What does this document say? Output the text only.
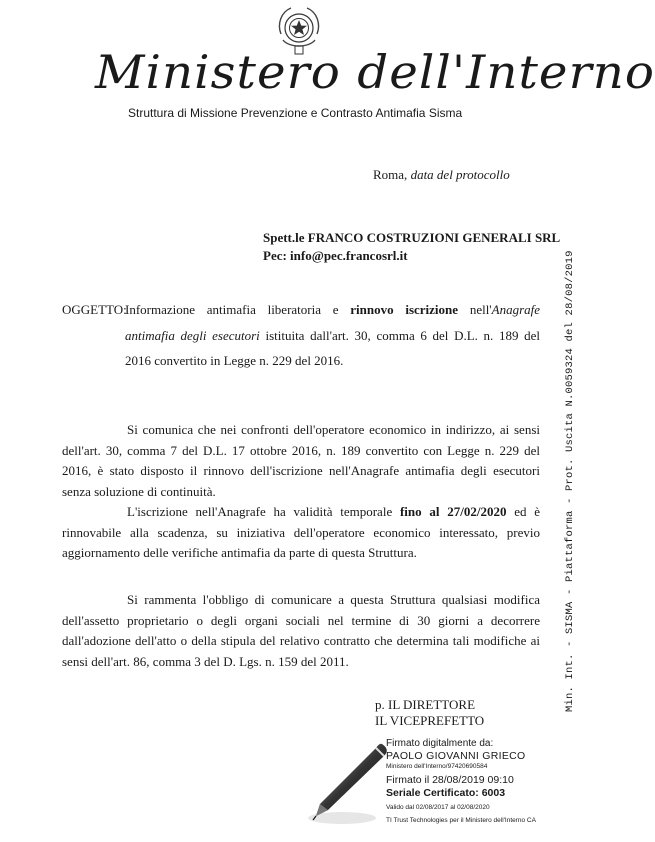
Ministero dell'Interno
Struttura di Missione Prevenzione e Contrasto Antimafia Sisma
Roma, data del protocollo
Spett.le FRANCO COSTRUZIONI GENERALI SRL
Pec: info@pec.francosrl.it
OGGETTO:
Informazione antimafia liberatoria e rinnovo iscrizione nell'Anagrafe antimafia degli esecutori istituita dall'art. 30, comma 6 del D.L. n. 189 del 2016 convertito in Legge n. 229 del 2016.

Si comunica che nei confronti dell'operatore economico in indirizzo, ai sensi dell'art. 30, comma 7 del D.L. 17 ottobre 2016, n. 189 convertito con Legge n. 229 del 2016, è stato disposto il rinnovo dell'iscrizione nell'Anagrafe antimafia degli esecutori senza soluzione di continuità.

L'iscrizione nell'Anagrafe ha validità temporale fino al 27/02/2020 ed è rinnovabile alla scadenza, su iniziativa dell'operatore economico interessato, previo aggiornamento delle verifiche antimafia da parte di questa Struttura.

Si rammenta l'obbligo di comunicare a questa Struttura qualsiasi modifica dell'assetto proprietario o degli organi sociali nel termine di 30 giorni a decorrere dall'adozione dell'atto o della stipula del relativo contratto che determina tali modifiche ai sensi dell'art. 86, comma 3 del D. Lgs. n. 159 del 2011.

p. IL DIRETTORE
IL VICEPREFETTO
Firmato digitalmente da:
PAOLO GIOVANNI GRIECO
Ministero dell'Interno/97420690584
Firmato il 28/08/2019 09:10
Seriale Certificato: 6003
Valido dal 02/08/2017 al 02/08/2020
TI Trust Technologies per il Ministero dell'Interno CA
Min. Int. - SISMA - Piattaforma - Prot. Uscita N.0059324 del 28/08/2019
